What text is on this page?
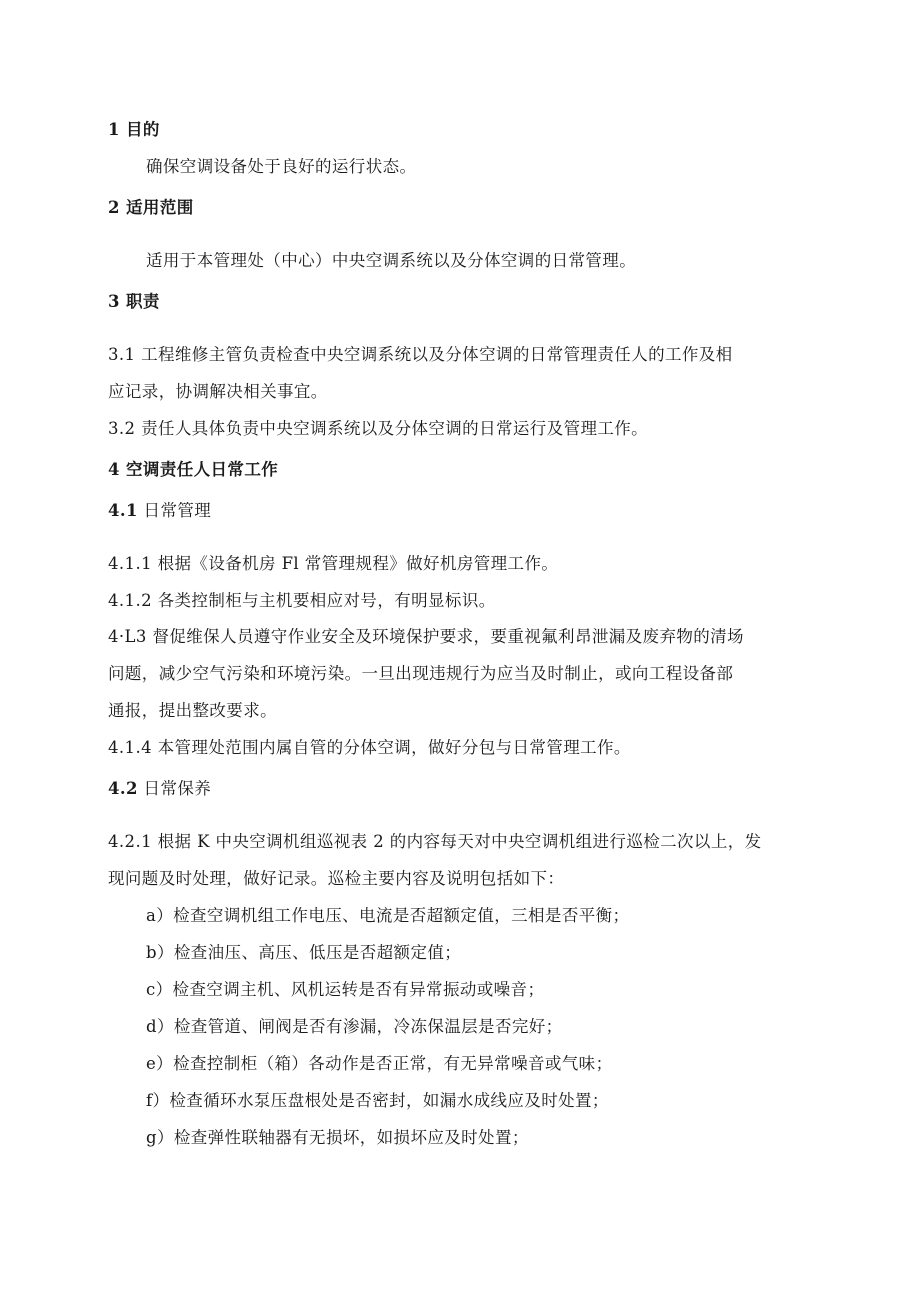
1 目的
确保空调设备处于良好的运行状态。
2 适用范围
适用于本管理处（中心）中央空调系统以及分体空调的日常管理。
3 职责
3.1 工程维修主管负责检查中央空调系统以及分体空调的日常管理责任人的工作及相
应记录，协调解决相关事宜。
3.2 责任人具体负责中央空调系统以及分体空调的日常运行及管理工作。
4 空调责任人日常工作
4.1 日常管理
4.1.1 根据《设备机房 Fl 常管理规程》做好机房管理工作。
4.1.2 各类控制柜与主机要相应对号，有明显标识。
4·L3 督促维保人员遵守作业安全及环境保护要求，要重视氟利昂泄漏及废弃物的清场
问题，减少空气污染和环境污染。一旦出现违规行为应当及时制止，或向工程设备部
通报，提出整改要求。
4.1.4 本管理处范围内属自管的分体空调，做好分包与日常管理工作。
4.2 日常保养
4.2.1 根据 K 中央空调机组巡视表 2 的内容每天对中央空调机组进行巡检二次以上，发
现问题及时处理，做好记录。巡检主要内容及说明包括如下：
a）检查空调机组工作电压、电流是否超额定值，三相是否平衡；
b）检查油压、高压、低压是否超额定值；
c）检查空调主机、风机运转是否有异常振动或噪音；
d）检查管道、闸阀是否有渗漏，冷冻保温层是否完好；
e）检查控制柜（箱）各动作是否正常，有无异常噪音或气味；
f）检查循环水泵压盘根处是否密封，如漏水成线应及时处置；
g）检查弹性联轴器有无损坏，如损坏应及时处置；
